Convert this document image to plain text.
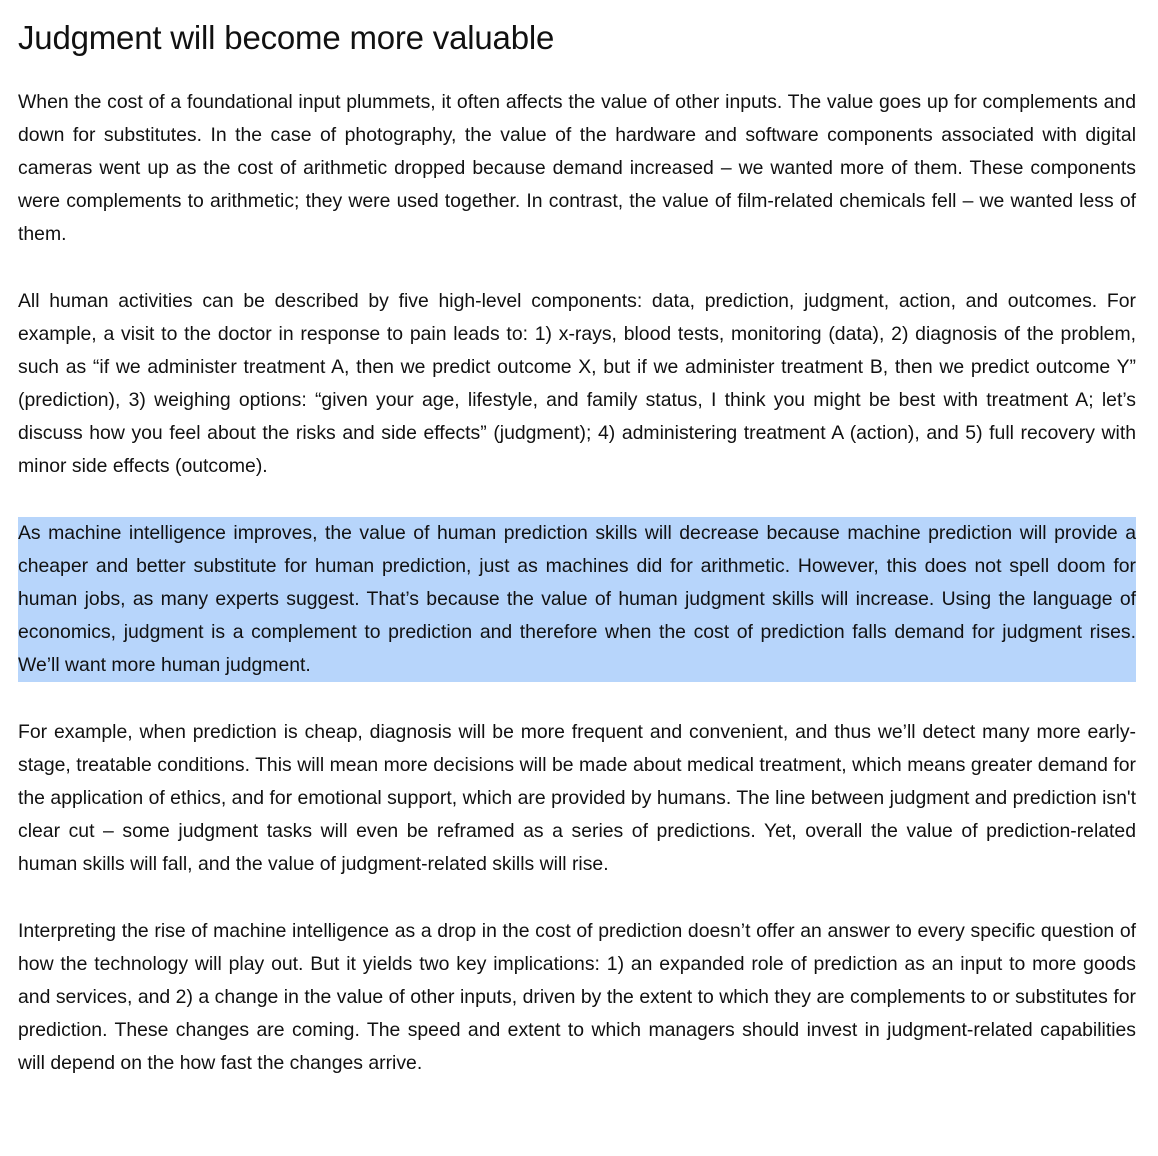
Judgment will become more valuable

When the cost of a foundational input plummets, it often affects the value of other inputs. The value goes up for complements and down for substitutes. In the case of photography, the value of the hardware and software components associated with digital cameras went up as the cost of arithmetic dropped because demand increased – we wanted more of them. These components were complements to arithmetic; they were used together. In contrast, the value of film-related chemicals fell – we wanted less of them.

All human activities can be described by five high-level components: data, prediction, judgment, action, and outcomes. For example, a visit to the doctor in response to pain leads to: 1) x-rays, blood tests, monitoring (data), 2) diagnosis of the problem, such as “if we administer treatment A, then we predict outcome X, but if we administer treatment B, then we predict outcome Y” (prediction), 3) weighing options: “given your age, lifestyle, and family status, I think you might be best with treatment A; let’s discuss how you feel about the risks and side effects” (judgment); 4) administering treatment A (action), and 5) full recovery with minor side effects (outcome).

As machine intelligence improves, the value of human prediction skills will decrease because machine prediction will provide a cheaper and better substitute for human prediction, just as machines did for arithmetic. However, this does not spell doom for human jobs, as many experts suggest. That’s because the value of human judgment skills will increase. Using the language of economics, judgment is a complement to prediction and therefore when the cost of prediction falls demand for judgment rises. We’ll want more human judgment.

For example, when prediction is cheap, diagnosis will be more frequent and convenient, and thus we’ll detect many more early-stage, treatable conditions. This will mean more decisions will be made about medical treatment, which means greater demand for the application of ethics, and for emotional support, which are provided by humans. The line between judgment and prediction isn't clear cut – some judgment tasks will even be reframed as a series of predictions. Yet, overall the value of prediction-related human skills will fall, and the value of judgment-related skills will rise.

Interpreting the rise of machine intelligence as a drop in the cost of prediction doesn’t offer an answer to every specific question of how the technology will play out. But it yields two key implications: 1) an expanded role of prediction as an input to more goods and services, and 2) a change in the value of other inputs, driven by the extent to which they are complements to or substitutes for prediction. These changes are coming. The speed and extent to which managers should invest in judgment-related capabilities will depend on the how fast the changes arrive.
